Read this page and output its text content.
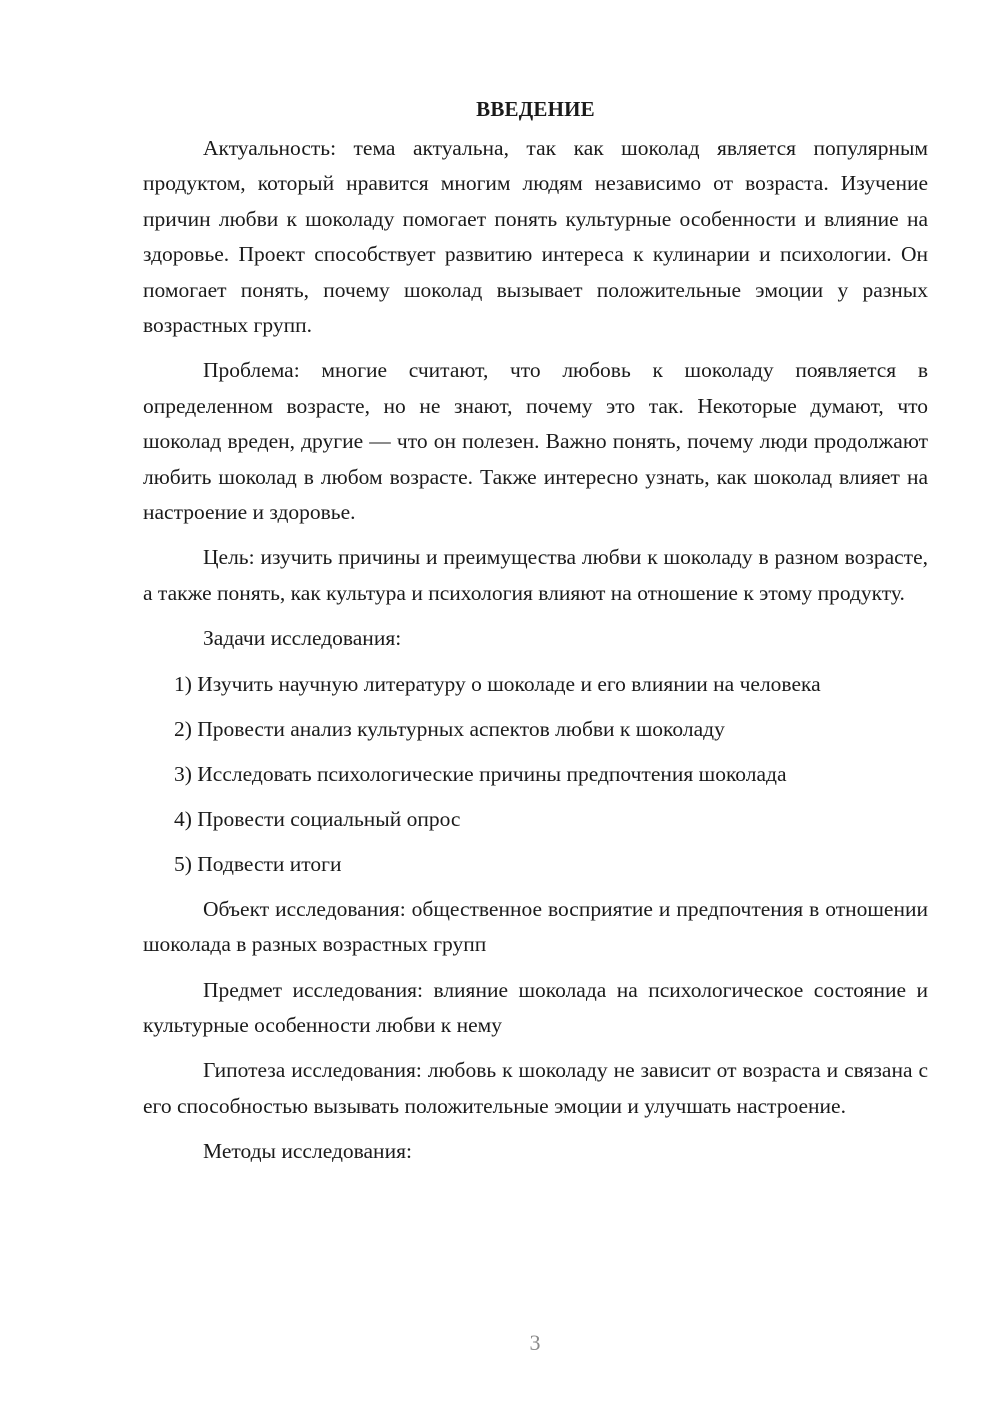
ВВЕДЕНИЕ

Актуальность: тема актуальна, так как шоколад является популярным продуктом, который нравится многим людям независимо от возраста. Изучение причин любви к шоколаду помогает понять культурные особенности и влияние на здоровье. Проект способствует развитию интереса к кулинарии и психологии. Он помогает понять, почему шоколад вызывает положительные эмоции у разных возрастных групп.

Проблема: многие считают, что любовь к шоколаду появляется в определенном возрасте, но не знают, почему это так. Некоторые думают, что шоколад вреден, другие — что он полезен. Важно понять, почему люди продолжают любить шоколад в любом возрасте. Также интересно узнать, как шоколад влияет на настроение и здоровье.

Цель: изучить причины и преимущества любви к шоколаду в разном возрасте, а также понять, как культура и психология влияют на отношение к этому продукту.

Задачи исследования:

1) Изучить научную литературу о шоколаде и его влиянии на человека
2) Провести анализ культурных аспектов любви к шоколаду
3) Исследовать психологические причины предпочтения шоколада
4) Провести социальный опрос
5) Подвести итоги

Объект исследования: общественное восприятие и предпочтения в отношении шоколада в разных возрастных групп

Предмет исследования: влияние шоколада на психологическое состояние и культурные особенности любви к нему

Гипотеза исследования: любовь к шоколаду не зависит от возраста и связана с его способностью вызывать положительные эмоции и улучшать настроение.

Методы исследования:

3
